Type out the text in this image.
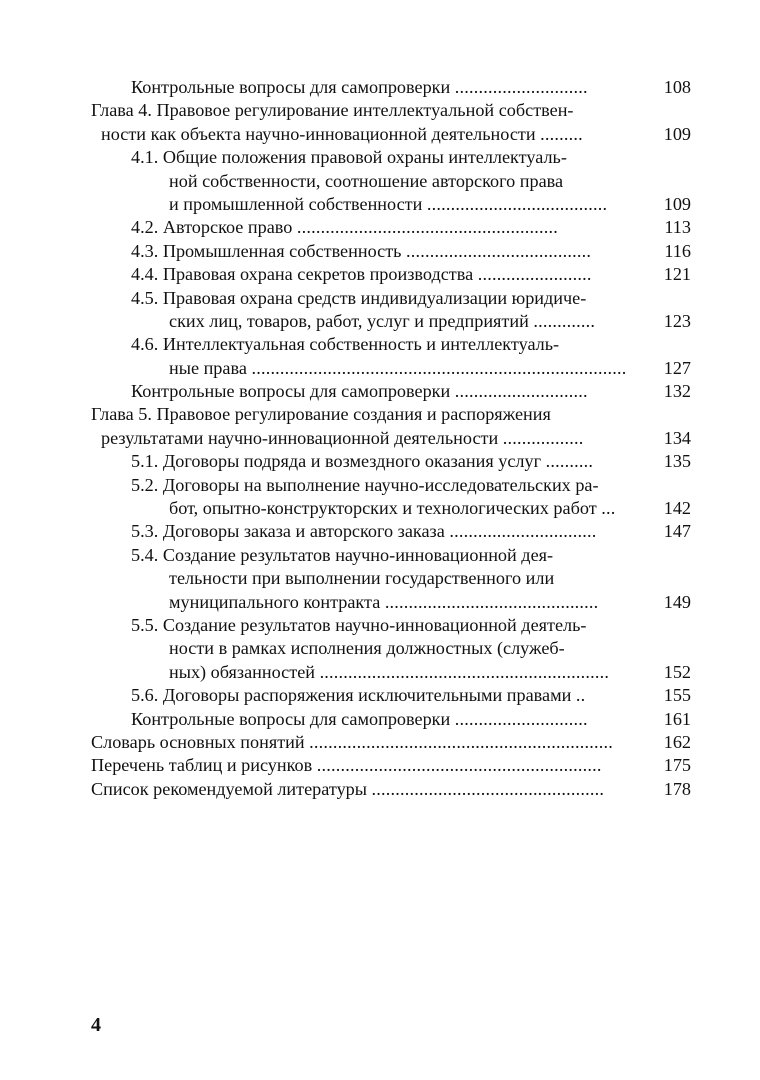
Контрольные вопросы для самопроверки ............................	108
Глава 4. Правовое регулирование интеллектуальной собствен-
ности как объекта научно-инновационной деятельности .........	109
4.1. Общие положения правовой охраны интеллектуаль-
ной собственности, соотношение авторского права
и промышленной собственности ......................................	109
4.2. Авторское право .......................................................	113
4.3. Промышленная собственность .......................................	116
4.4. Правовая охрана секретов производства ........................	121
4.5. Правовая охрана средств индивидуализации юридиче-
ских лиц, товаров, работ, услуг и предприятий .............	123
4.6. Интеллектуальная собственность и интеллектуаль-
ные права ............................................................................... 127
Контрольные вопросы для самопроверки ............................	132
Глава 5. Правовое регулирование создания и распоряжения
результатами научно-инновационной деятельности .................	134
5.1. Договоры подряда и возмездного оказания услуг ..........	135
5.2. Договоры на выполнение научно-исследовательских ра-
бот, опытно-конструкторских и технологических работ ...	142
5.3. Договоры заказа и авторского заказа ...............................	147
5.4. Создание результатов научно-инновационной дея-
тельности при выполнении государственного или
муниципального контракта .............................................	149
5.5. Создание результатов научно-инновационной деятель-
ности в рамках исполнения должностных (служеб-
ных) обязанностей .............................................................	152
5.6. Договоры распоряжения исключительными правами ..	155
Контрольные вопросы для самопроверки ............................	161
Словарь основных понятий ................................................................	162
Перечень таблиц и рисунков ............................................................	175
Список рекомендуемой литературы .................................................	178
4
